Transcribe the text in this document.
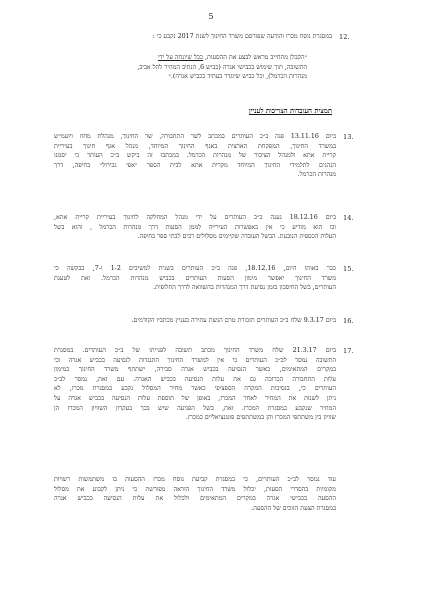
5
12.
במסגרת נוסח מכרז והודעה שפורסם משרד החינוך לשנת 2017 נקבע כי :
״הקבלן מתחייב מראש לבצע את ההסעות, ככל שיונחה על ידי
התשובה, תוך שימוש בכבישי אגרה (כביש 6, הנתיב המהיר להל אביב,
מנהרות הכרמל), וכל כביש שיוגדר בעתיד בכביש אגרה).״
תמצית העובדות הצריכות לעניין
13.
ביום 13.11.16 פנה ב״כ העותרים במכתב לשר התחבורה, שר החינוך, מנהלת מחוז ויועמ״ש
במשרד החינוך, המפקחת הארצית באגף החינוך המיוחד, מנהל אגף חינוך בעיריית
קריית אתא ולמנהל הציבור של מנהרות הכרמל. במכתבו זה ביקש ב״כ העותר כי יסמנו
הנהגים לתלמידי החינוך המיוחד מקרית אתא לבית הספר ״אפי גבירול״ בחיפה, דרך
מנהרות הכרמל.
14.
ביום 18.12.16 נענה ב״כ העותרים על ידי מנהל המחלקה לחינוך בעיריית קריית אתא,
ובו הוא מודיע כי אין באפשרות העירייה לממן הסעות דרך מנהרות הכרמל , והוא בשל
העלות הכספית הנובעת. הבשל העובדה שקיימים מסלולים רבים לבתי ספר בחיפה.
15.
כבר באותו היום, 18.12.16, פנה ב״כ העותרים בשנית למשיבים 1-2 ו-7, בבקשה כי
משרד החינוך יאפשר מימון הסעות העותרים בכביש מנהרות הכרמל. ואת לטענת
העותרים, בשל החיסכון בזמן נסיעת דרך המנהרות בהשוואה לדרך החלופית.
16.
ביום 9.3.17 שלח ב״כ העותרים תזכורת טרם הגשת עתירה בעניין מכתביו הקודמים.
17.
ביום 21.3.17 שלח משרד החינוך מכתב תשובה לפנייתו של ב״כ העותרים. במסגרת
התשובה נמסר לב״כ העותרים כי אין למשרד החינוך התנגדות לנסיעה בכביש אגרה וכי
במקרים המתאימים, כאשר הנסיעה בכביש אגרה סבירה, ישתתף משרד החינוך במימון
עלות התחבורה הכרוכה גם את עלות הנסיעה בכביש האגרה. עם זאת, נמסר לב״כ
העותרים כי, בנסיבות המקרה הספציפי כאשר מחיר המסלול נקבע במסגרת מכרז, לא
ניתן לשנות את המחיר לאחר המכרז, באופן של תוספת עלות הנסיעה בכביש אגרה על
המחיר שנקבע במסגרת המכרז. זאת, בשל הפגיעה שיש בכך בעקרון השוויון המכרז הן
שוויון בין משתתפי המכרז והן במשתתפים פוטנציאליים במכרז.
עוד נמסר לב״כ העותרים, כי במסגרת קביעת נוסח מכרז ההסעות בו משתמשות רשויות
מקומיות בהסדרי הסעות, יכלול משרד החינוך הוראה מפורשת כי ניתן לקבוע את מסלול
ההסעה בכבישי אגרה במקרים המתאימים ולכלול את עלות הנסיעה בכביש אגרה
במסגרת הצעת הזוכים של ההסעה.
